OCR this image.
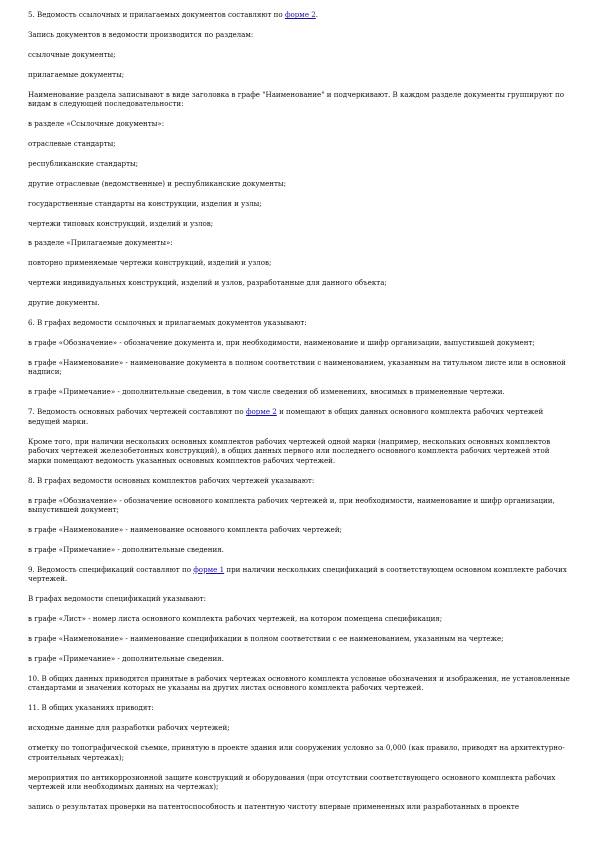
5. Ведомость ссылочных и прилагаемых документов составляют по форме 2.

Запись документов в ведомости производится по разделам:

ссылочные документы;

прилагаемые документы;

Наименование раздела записывают в виде заголовка в графе "Наименование" и подчеркивают. В каждом разделе документы группируют по видам в следующей последовательности:

в разделе «Ссылочные документы»:

отраслевые стандарты;

республиканские стандарты;

другие отраслевые (ведомственные) и республиканские документы;

государственные стандарты на конструкции, изделия и узлы;

чертежи типовых конструкций, изделий и узлов;

в разделе «Прилагаемые документы»:

повторно применяемые чертежи конструкций, изделий и узлов;

чертежи индивидуальных конструкций, изделий и узлов, разработанные для данного объекта;

другие документы.

6. В графах ведомости ссылочных и прилагаемых документов указывают:

в графе «Обозначение» - обозначение документа и, при необходимости, наименование и шифр организации, выпустившей документ;

в графе «Наименование» - наименование документа в полном соответствии с наименованием, указанным на титульном листе или в основной надписи;

в графе «Примечание» - дополнительные сведения, в том числе сведения об изменениях, вносимых в примененные чертежи.

7. Ведомость основных рабочих чертежей составляют по форме 2 и помещают в общих данных основного комплекта рабочих чертежей ведущей марки.

Кроме того, при наличии нескольких основных комплектов рабочих чертежей одной марки (например, нескольких основных комплектов рабочих чертежей железобетонных конструкций), в общих данных первого или последнего основного комплекта рабочих чертежей этой марки помещают ведомость указанных основных комплектов рабочих чертежей.

8. В графах ведомости основных комплектов рабочих чертежей указывают:

в графе «Обозначение» - обозначение основного комплекта рабочих чертежей и, при необходимости, наименование и шифр организации, выпустившей документ;

в графе «Наименование» - наименование основного комплекта рабочих чертежей;

в графе «Примечание» - дополнительные сведения.

9. Ведомость спецификаций составляют по форме 1 при наличии нескольких спецификаций в соответствующем основном комплекте рабочих чертежей.

В графах ведомости спецификаций указывают:

в графе «Лист» - номер листа основного комплекта рабочих чертежей, на котором помещена спецификация;

в графе «Наименование» - наименование спецификации в полном соответствии с ее наименованием, указанным на чертеже;

в графе «Примечание» - дополнительные сведения.

10. В общих данных приводятся принятые в рабочих чертежах основного комплекта условные обозначения и изображения, не установленные стандартами и значения которых не указаны на других листах основного комплекта рабочих чертежей.

11. В общих указаниях приводят:

исходные данные для разработки рабочих чертежей;

отметку по топографической съемке, принятую в проекте здания или сооружения условно за 0,000 (как правило, приводят на архитектурно-строительных чертежах);

мероприятия по антикоррозионной защите конструкций и оборудования (при отсутствии соответствующего основного комплекта рабочих чертежей или необходимых данных на чертежах);

запись о результатах проверки на патентоспособность и патентную чистоту впервые примененных или разработанных в проекте
